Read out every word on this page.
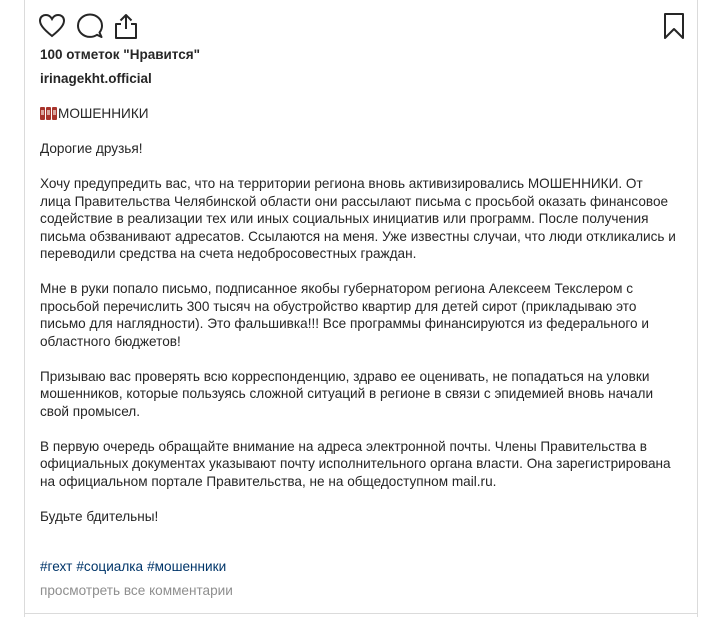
100 отметок "Нравится"
irinagekht.official
МОШЕННИКИ

Дорогие друзья!

Хочу предупредить вас, что на территории региона вновь активизировались МОШЕННИКИ. От
лица Правительства Челябинской области они рассылают письма с просьбой оказать финансовое
содействие в реализации тех или иных социальных инициатив или программ. После получения
письма обзванивают адресатов. Ссылаются на меня. Уже известны случаи, что люди откликались и
переводили средства на счета недобросовестных граждан.

Мне в руки попало письмо, подписанное якобы губернатором региона Алексеем Текслером с
просьбой перечислить 300 тысяч на обустройство квартир для детей сирот (прикладываю это
письмо для наглядности). Это фальшивка!!! Все программы финансируются из федерального и
областного бюджетов!

Призываю вас проверять всю корреспонденцию, здраво ее оценивать, не попадаться на уловки
мошенников, которые пользуясь сложной ситуаций в регионе в связи с эпидемией вновь начали
свой промысел.

В первую очередь обращайте внимание на адреса электронной почты. Члены Правительства в
официальных документах указывают почту исполнительного органа власти. Она зарегистрирована
на официальном портале Правительства, не на общедоступном mail.ru.

Будьте бдительны!

#гехт #социалка #мошенники
просмотреть все комментарии
